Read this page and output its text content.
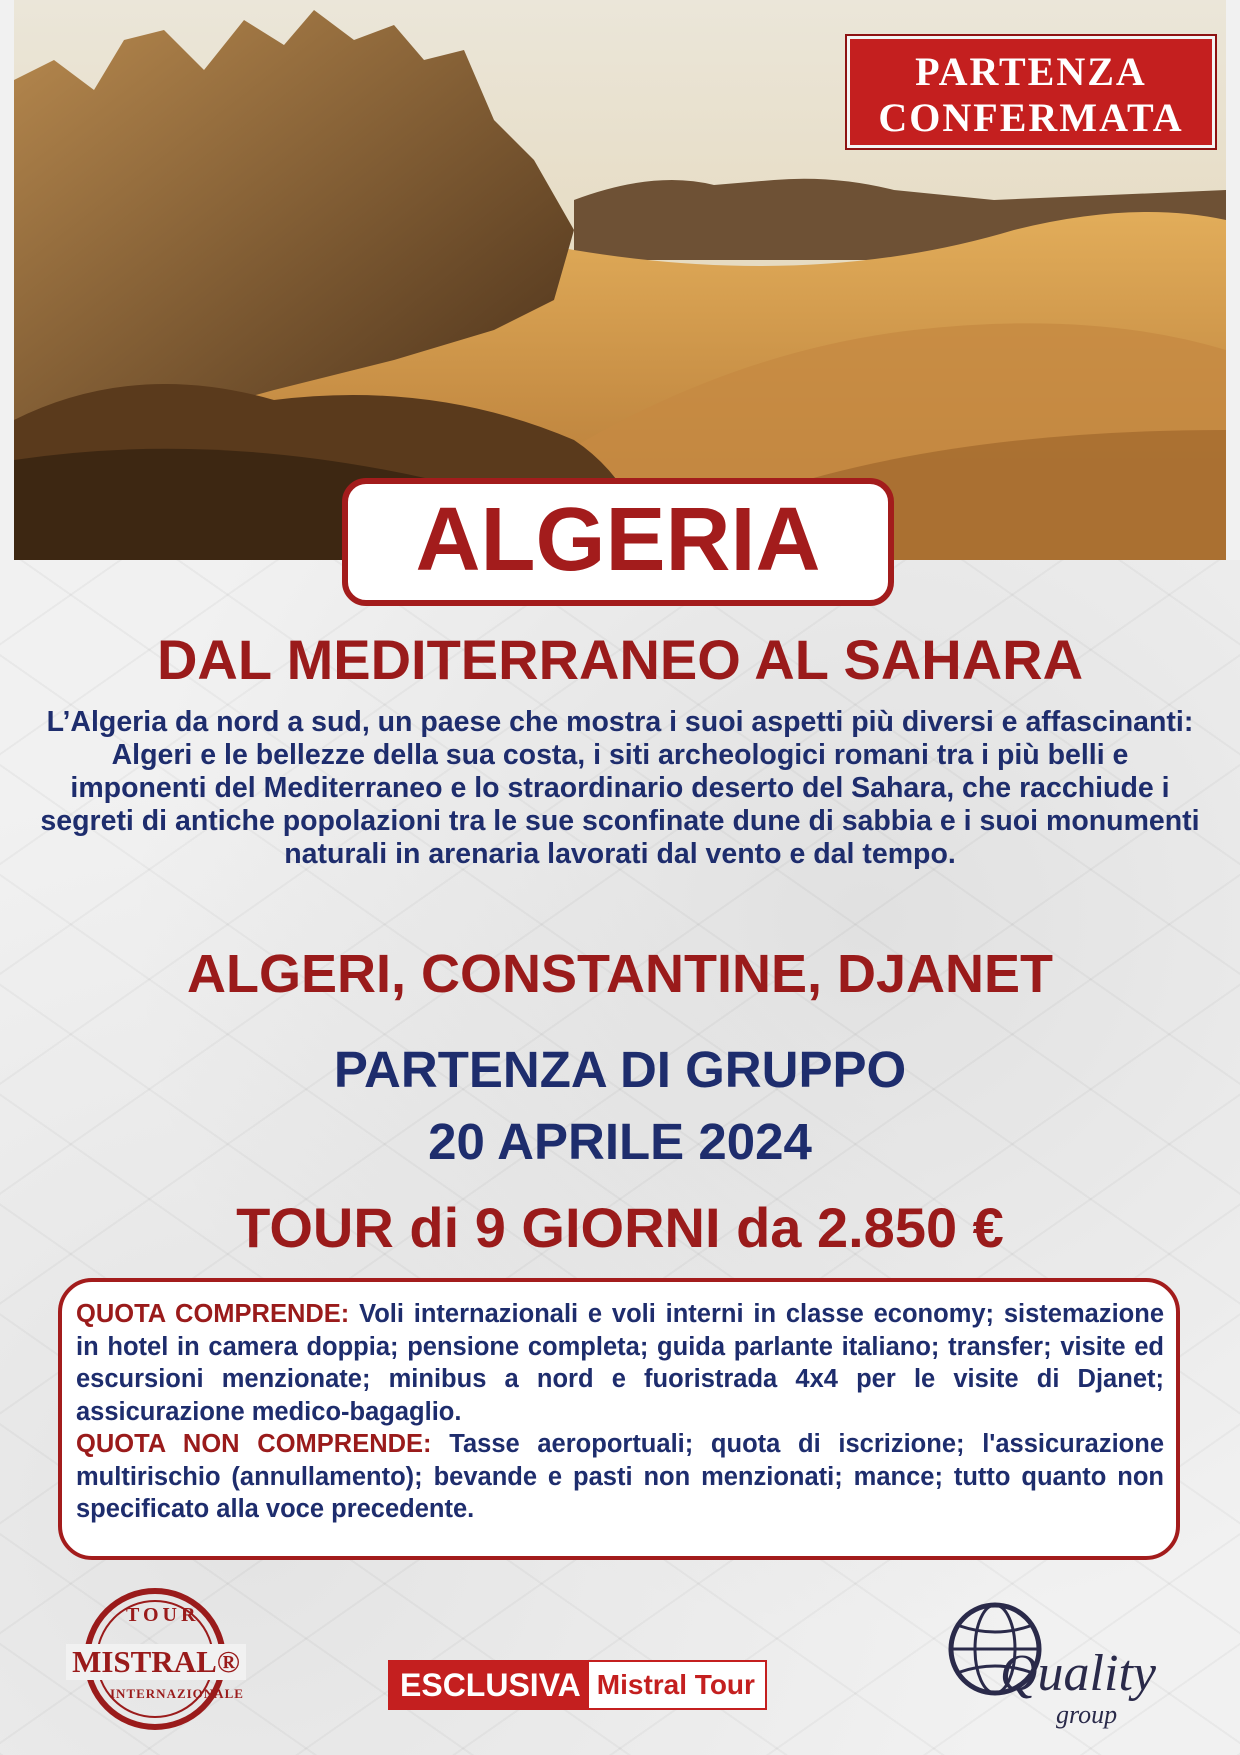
PARTENZA
CONFERMATA
ALGERIA
DAL MEDITERRANEO AL SAHARA
L’Algeria da nord a sud, un paese che mostra i suoi aspetti più diversi e affascinanti: Algeri e le bellezze della sua costa, i siti archeologici romani tra i più belli e imponenti del Mediterraneo e lo straordinario deserto del Sahara, che racchiude i segreti di antiche popolazioni tra le sue sconfinate dune di sabbia e i suoi monumenti naturali in arenaria lavorati dal vento e dal tempo.
ALGERI, CONSTANTINE, DJANET
PARTENZA DI GRUPPO
20 APRILE 2024
TOUR di 9 GIORNI da 2.850 €

QUOTA COMPRENDE: Voli internazionali e voli interni in classe economy; sistemazione in hotel in camera doppia; pensione completa; guida parlante italiano; transfer; visite ed escursioni menzionate; minibus a nord e fuoristrada 4x4 per le visite di Djanet; assicurazione medico-bagaglio.

QUOTA NON COMPRENDE: Tasse aeroportuali; quota di iscrizione; l'assicurazione multirischio (annullamento); bevande e pasti non menzionati; mance; tutto quanto non specificato alla voce precedente.

TOUR
MISTRAL®
INTERNAZIONALE	ESCLUSIVA Mistral Tour	Quality
group
